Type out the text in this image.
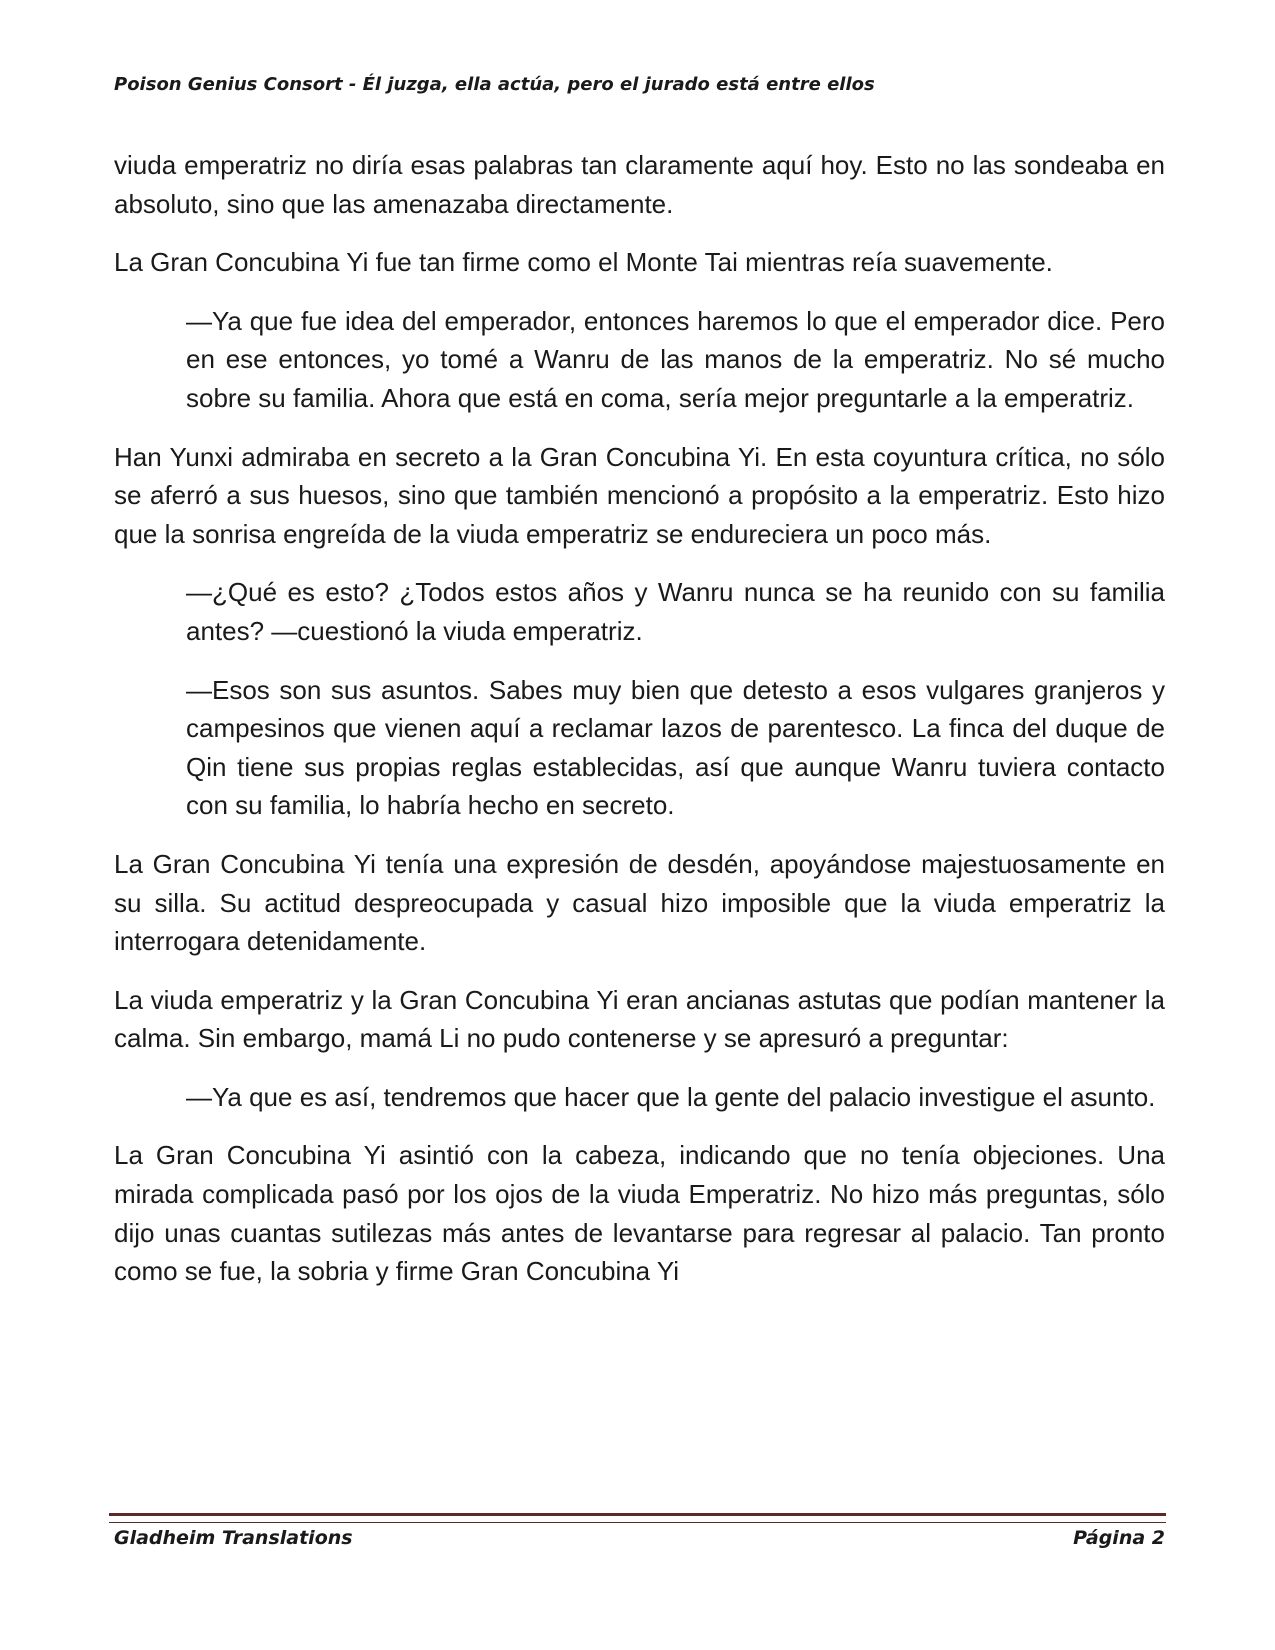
Poison Genius Consort - Él juzga, ella actúa, pero el jurado está entre ellos

viuda emperatriz no diría esas palabras tan claramente aquí hoy. Esto no las sondeaba en absoluto, sino que las amenazaba directamente.

La Gran Concubina Yi fue tan firme como el Monte Tai mientras reía suavemente.

—Ya que fue idea del emperador, entonces haremos lo que el emperador dice. Pero en ese entonces, yo tomé a Wanru de las manos de la emperatriz. No sé mucho sobre su familia. Ahora que está en coma, sería mejor preguntarle a la emperatriz.

Han Yunxi admiraba en secreto a la Gran Concubina Yi. En esta coyuntura crítica, no sólo se aferró a sus huesos, sino que también mencionó a propósito a la emperatriz. Esto hizo que la sonrisa engreída de la viuda emperatriz se endureciera un poco más.

—¿Qué es esto? ¿Todos estos años y Wanru nunca se ha reunido con su familia antes? —cuestionó la viuda emperatriz.

—Esos son sus asuntos. Sabes muy bien que detesto a esos vulgares granjeros y campesinos que vienen aquí a reclamar lazos de parentesco. La finca del duque de Qin tiene sus propias reglas establecidas, así que aunque Wanru tuviera contacto con su familia, lo habría hecho en secreto.

La Gran Concubina Yi tenía una expresión de desdén, apoyándose majestuosamente en su silla. Su actitud despreocupada y casual hizo imposible que la viuda emperatriz la interrogara detenidamente.

La viuda emperatriz y la Gran Concubina Yi eran ancianas astutas que podían mantener la calma. Sin embargo, mamá Li no pudo contenerse y se apresuró a preguntar:

—Ya que es así, tendremos que hacer que la gente del palacio investigue el asunto.

La Gran Concubina Yi asintió con la cabeza, indicando que no tenía objeciones. Una mirada complicada pasó por los ojos de la viuda Emperatriz. No hizo más preguntas, sólo dijo unas cuantas sutilezas más antes de levantarse para regresar al palacio. Tan pronto como se fue, la sobria y firme Gran Concubina Yi

Gladheim Translations	Página 2
